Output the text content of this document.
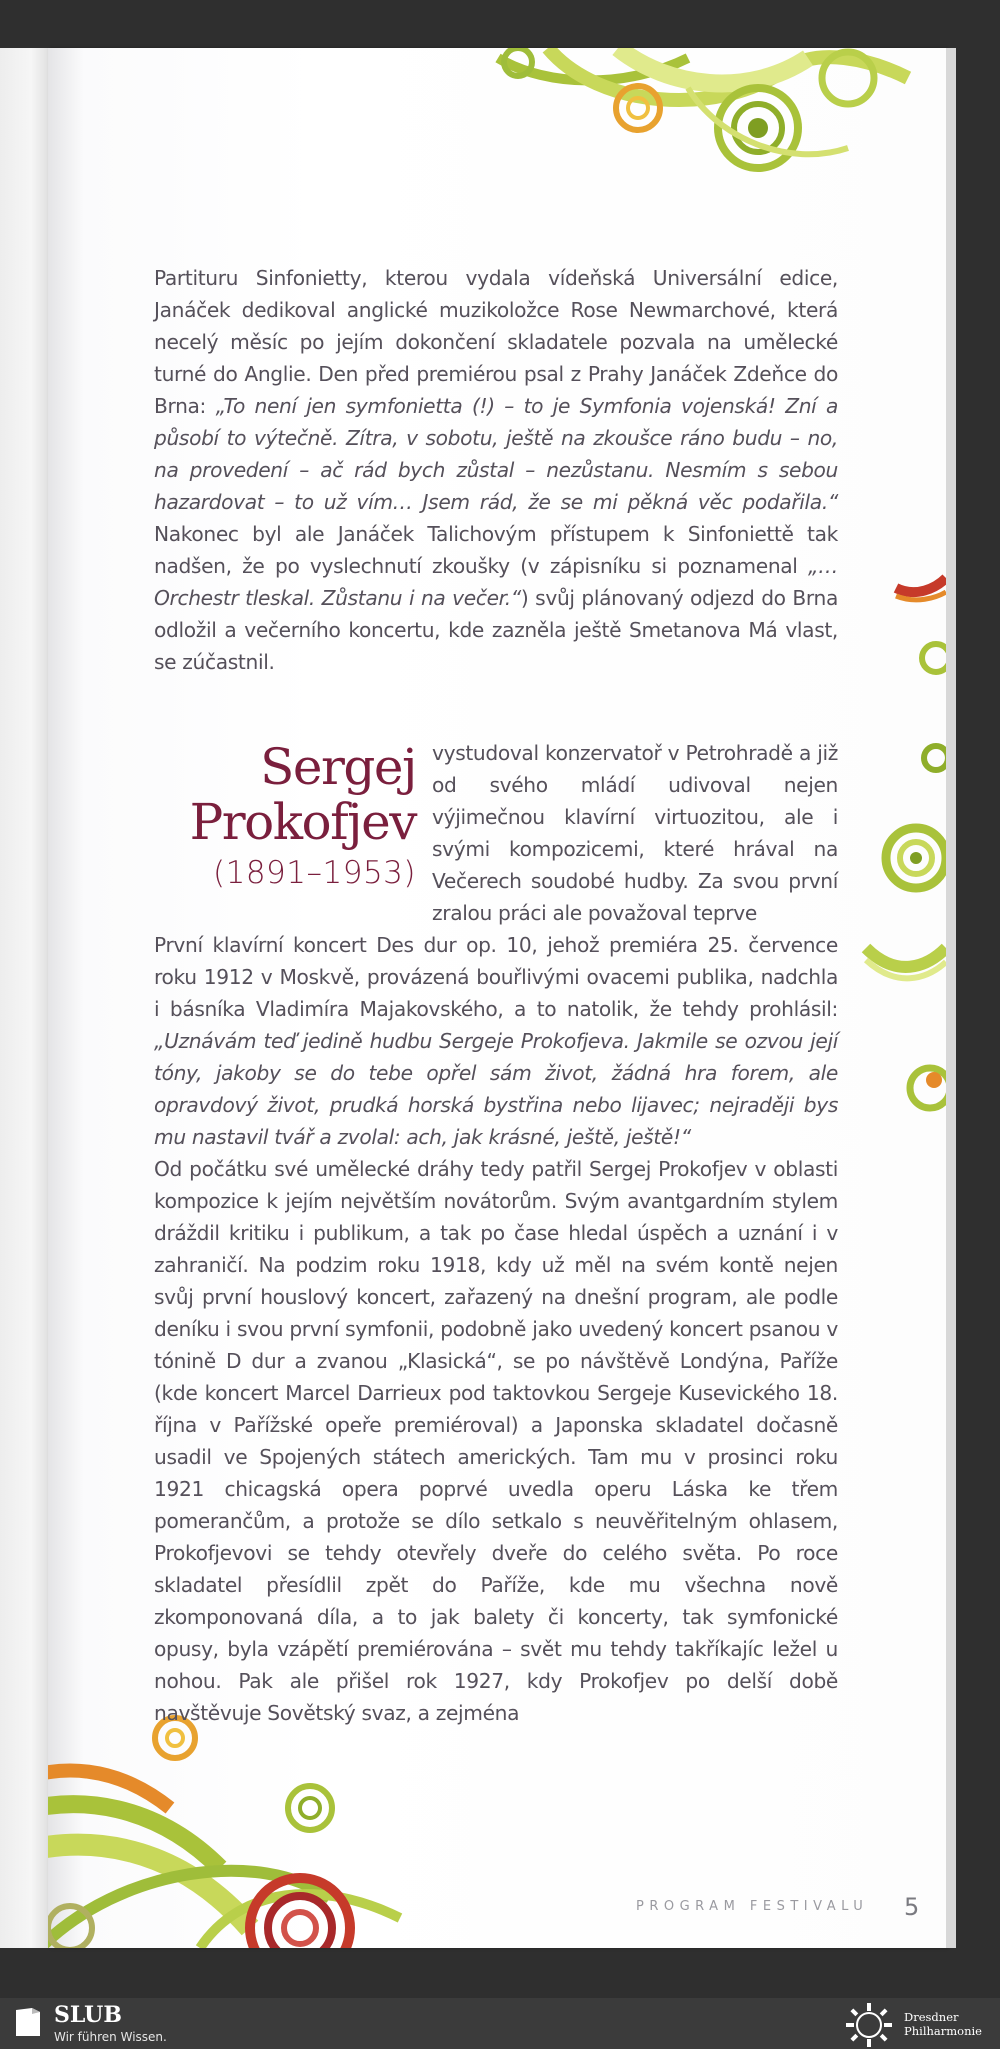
PROGRAM FESTIVALU 5
Partituru Sinfonietty, kterou vydala vídeňská Universální edice, Janáček dedikoval anglické muzikoložce Rose Newmarchové, která necelý měsíc po jejím dokončení skladatele pozvala na umělecké turné do Anglie. Den před premiérou psal z Prahy Janáček Zdeňce do Brna: „To není jen symfonietta (!) – to je Symfonia vojenská! Zní a působí to výtečně. Zítra, v sobotu, ještě na zkoušce ráno budu – no, na provedení – ač rád bych zůstal – nezůstanu. Nesmím s sebou hazardovat – to už vím… Jsem rád, že se mi pěkná věc podařila.“ Nakonec byl ale Janáček Talichovým přístupem k Sinfoniettě tak nadšen, že po vyslechnutí zkoušky (v zápisníku si poznamenal „… Orchestr tleskal. Zůstanu i na večer.“) svůj plánovaný odjezd do Brna odložil a večerního koncertu, kde zazněla ještě Smetanova Má vlast, se zúčastnil.
Sergej
Prokofjev
(1891–1953)
vystudoval konzervatoř v Petrohradě a již od svého mládí udivoval nejen výjimečnou klavírní virtuozitou, ale i svými kompozicemi, které hrával na Večerech soudobé hudby. Za svou první zralou práci ale považoval teprve
První klavírní koncert Des dur op. 10, jehož premiéra 25. července roku 1912 v Moskvě, provázená bouřlivými ovacemi publika, nadchla i básníka Vladimíra Majakovského, a to natolik, že tehdy prohlásil: „Uznávám teď jedině hudbu Sergeje Prokofjeva. Jakmile se ozvou její tóny, jakoby se do tebe opřel sám život, žádná hra forem, ale opravdový život, prudká horská bystřina nebo lijavec; nejraději bys mu nastavil tvář a zvolal: ach, jak krásné, ještě, ještě!“
Od počátku své umělecké dráhy tedy patřil Sergej Prokofjev v oblasti kompozice k jejím největším novátorům. Svým avantgardním stylem dráždil kritiku i publikum, a tak po čase hledal úspěch a uznání i v zahraničí. Na podzim roku 1918, kdy už měl na svém kontě nejen svůj první houslový koncert, zařazený na dnešní program, ale podle deníku i svou první symfonii, podobně jako uvedený koncert psanou v tónině D dur a zvanou „Klasická“, se po návštěvě Londýna, Paříže (kde koncert Marcel Darrieux pod taktovkou Sergeje Kusevického 18. října v Pařížské opeře premiéroval) a Japonska skladatel dočasně usadil ve Spojených státech amerických. Tam mu v prosinci roku 1921 chicagská opera poprvé uvedla operu Láska ke třem pomerančům, a protože se dílo setkalo s neuvěřitelným ohlasem, Prokofjevovi se tehdy otevřely dveře do celého světa. Po roce skladatel přesídlil zpět do Paříže, kde mu všechna nově zkomponovaná díla, a to jak balety či koncerty, tak symfonické opusy, byla vzápětí premiérována – svět mu tehdy takříkajíc ležel u nohou. Pak ale přišel rok 1927, kdy Prokofjev po delší době navštěvuje Sovětský svaz, a zejména
SLUB
Wir führen Wissen.
Dresdner
Philharmonie
